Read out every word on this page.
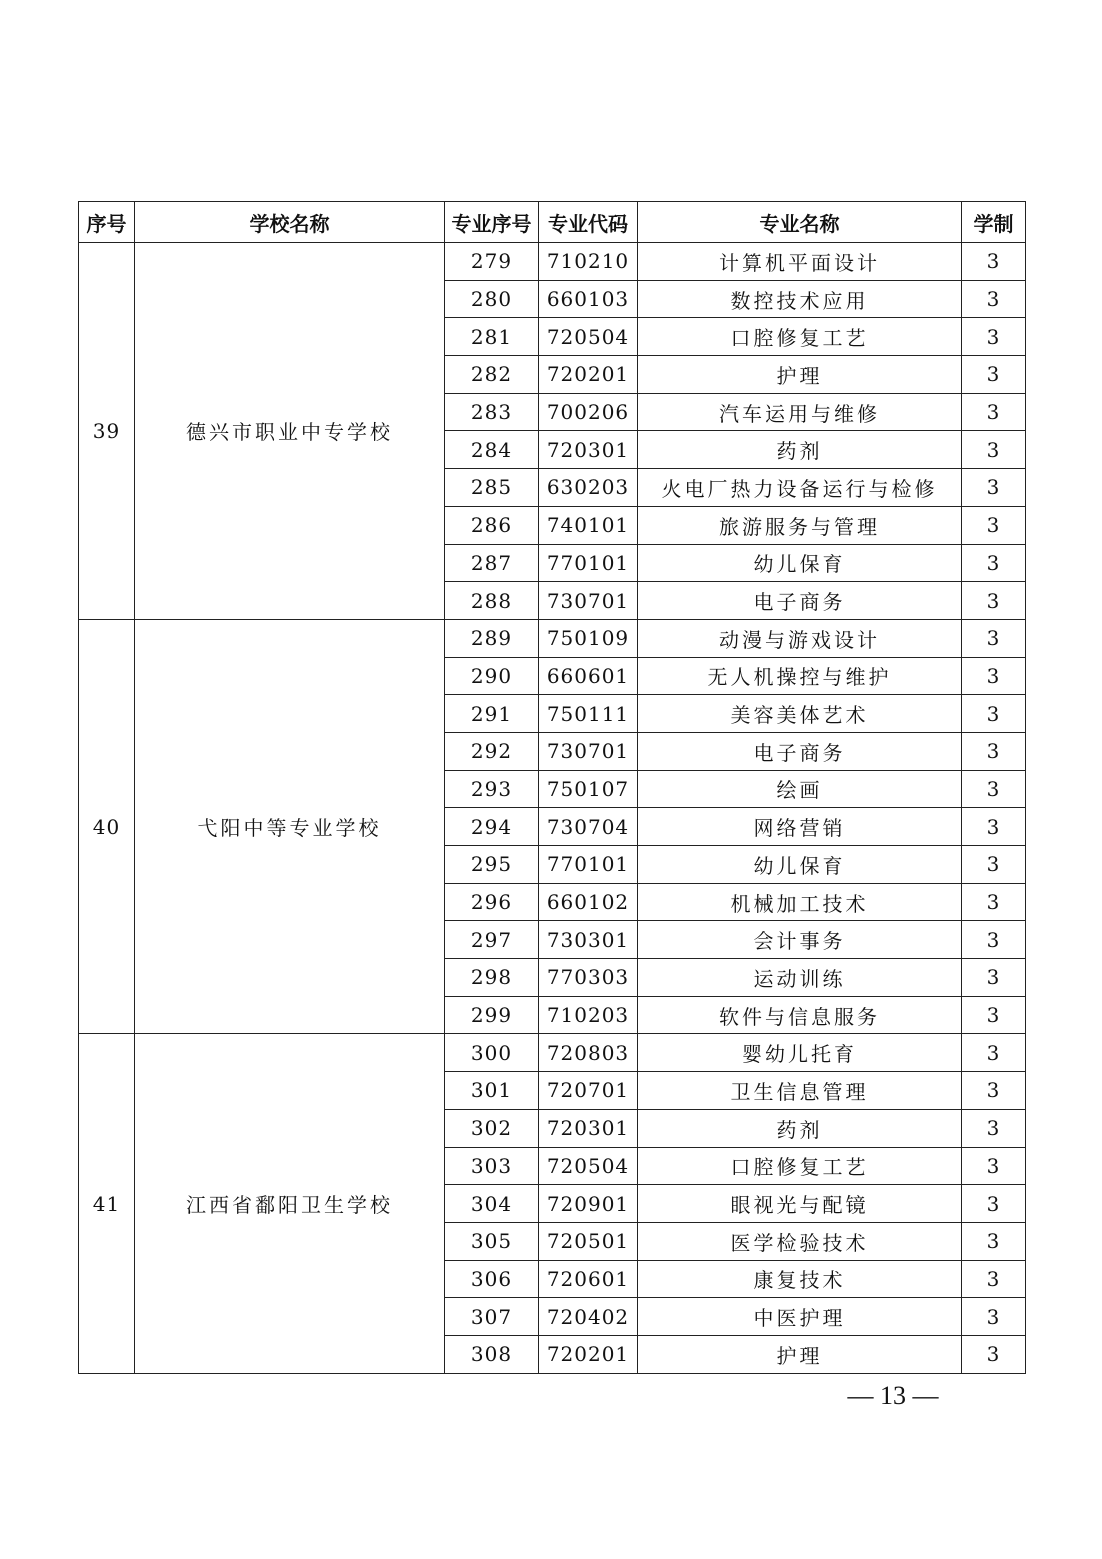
序号	学校名称	专业序号	专业代码	专业名称	学制
39	德兴市职业中专学校	279	710210	计算机平面设计	3
		280	660103	数控技术应用	3
		281	720504	口腔修复工艺	3
		282	720201	护理	3
		283	700206	汽车运用与维修	3
		284	720301	药剂	3
		285	630203	火电厂热力设备运行与检修	3
		286	740101	旅游服务与管理	3
		287	770101	幼儿保育	3
		288	730701	电子商务	3
40	弋阳中等专业学校	289	750109	动漫与游戏设计	3
		290	660601	无人机操控与维护	3
		291	750111	美容美体艺术	3
		292	730701	电子商务	3
		293	750107	绘画	3
		294	730704	网络营销	3
		295	770101	幼儿保育	3
		296	660102	机械加工技术	3
		297	730301	会计事务	3
		298	770303	运动训练	3
		299	710203	软件与信息服务	3
41	江西省鄱阳卫生学校	300	720803	婴幼儿托育	3
		301	720701	卫生信息管理	3
		302	720301	药剂	3
		303	720504	口腔修复工艺	3
		304	720901	眼视光与配镜	3
		305	720501	医学检验技术	3
		306	720601	康复技术	3
		307	720402	中医护理	3
		308	720201	护理	3
— 13 —
